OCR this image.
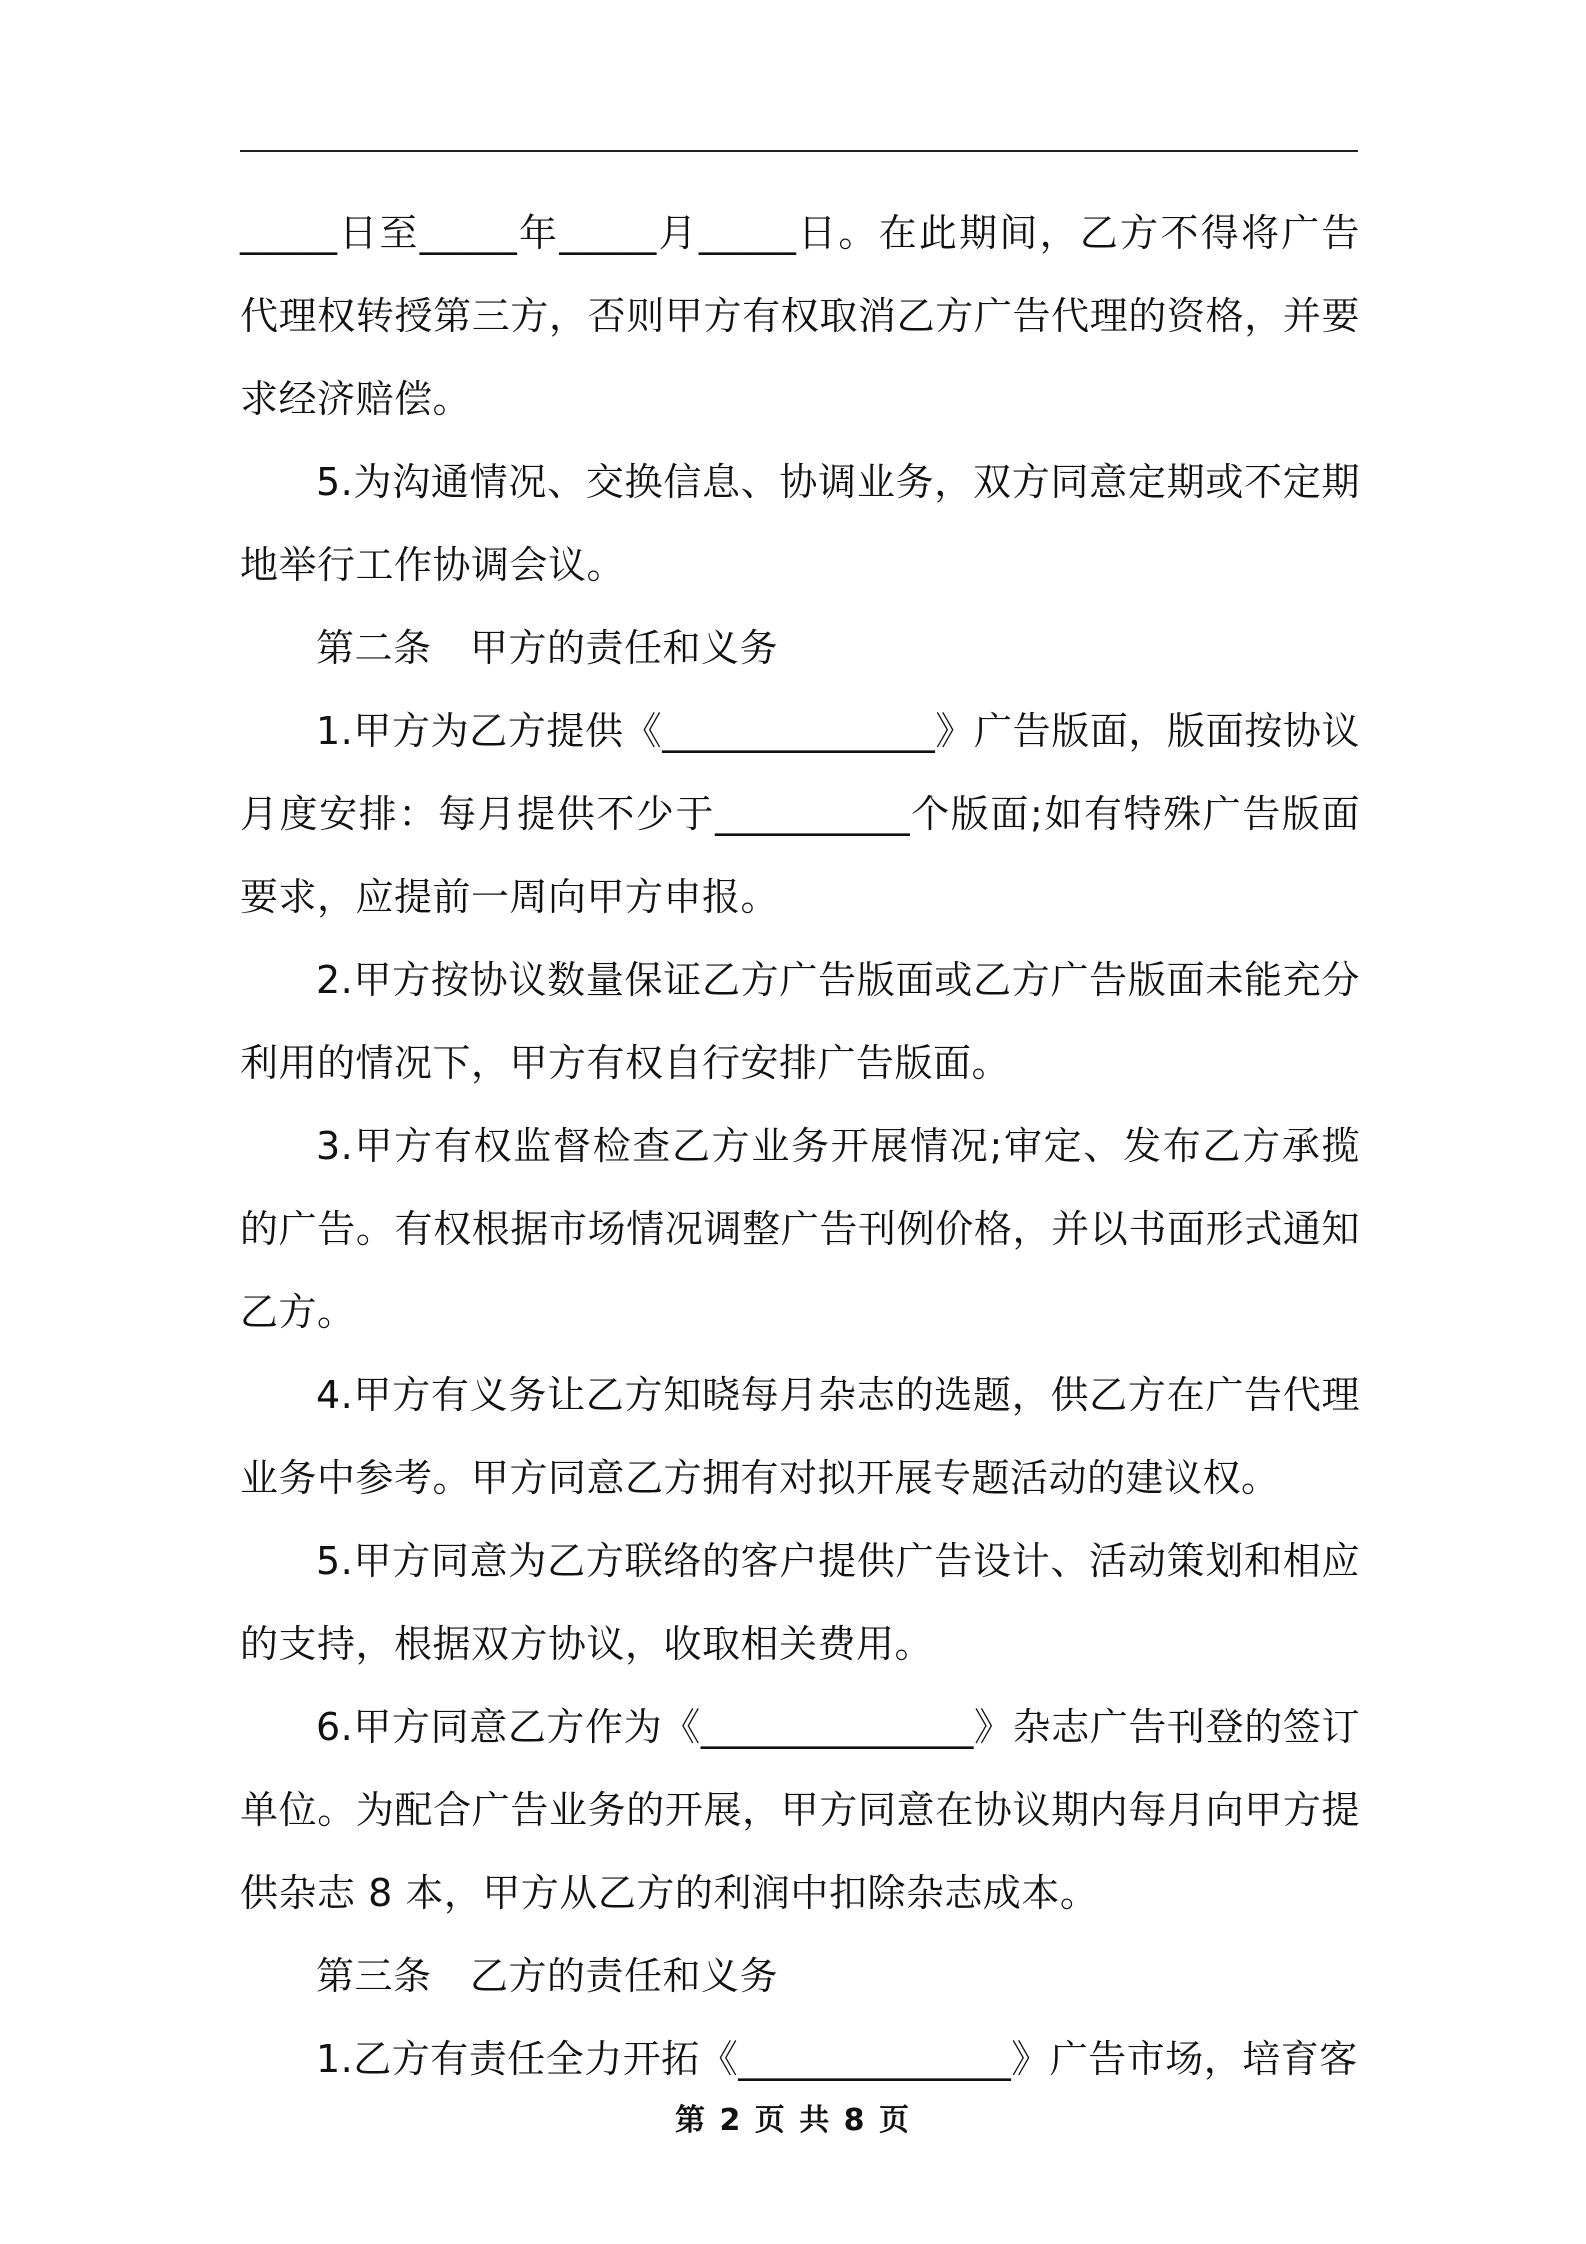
_____日至_____年_____月_____日。在此期间，乙方不得将广告代理权转授第三方，否则甲方有权取消乙方广告代理的资格，并要求经济赔偿。

5.为沟通情况、交换信息、协调业务，双方同意定期或不定期地举行工作协调会议。

第二条　甲方的责任和义务

1.甲方为乙方提供《______________》广告版面，版面按协议月度安排：每月提供不少于__________个版面;如有特殊广告版面要求，应提前一周向甲方申报。

2.甲方按协议数量保证乙方广告版面或乙方广告版面未能充分利用的情况下，甲方有权自行安排广告版面。

3.甲方有权监督检查乙方业务开展情况;审定、发布乙方承揽的广告。有权根据市场情况调整广告刊例价格，并以书面形式通知乙方。

4.甲方有义务让乙方知晓每月杂志的选题，供乙方在广告代理业务中参考。甲方同意乙方拥有对拟开展专题活动的建议权。

5.甲方同意为乙方联络的客户提供广告设计、活动策划和相应的支持，根据双方协议，收取相关费用。

6.甲方同意乙方作为《______________》杂志广告刊登的签订单位。为配合广告业务的开展，甲方同意在协议期内每月向甲方提供杂志 8 本，甲方从乙方的利润中扣除杂志成本。

第三条　乙方的责任和义务

1.乙方有责任全力开拓《______________》广告市场，培育客

第 2 页 共 8 页
